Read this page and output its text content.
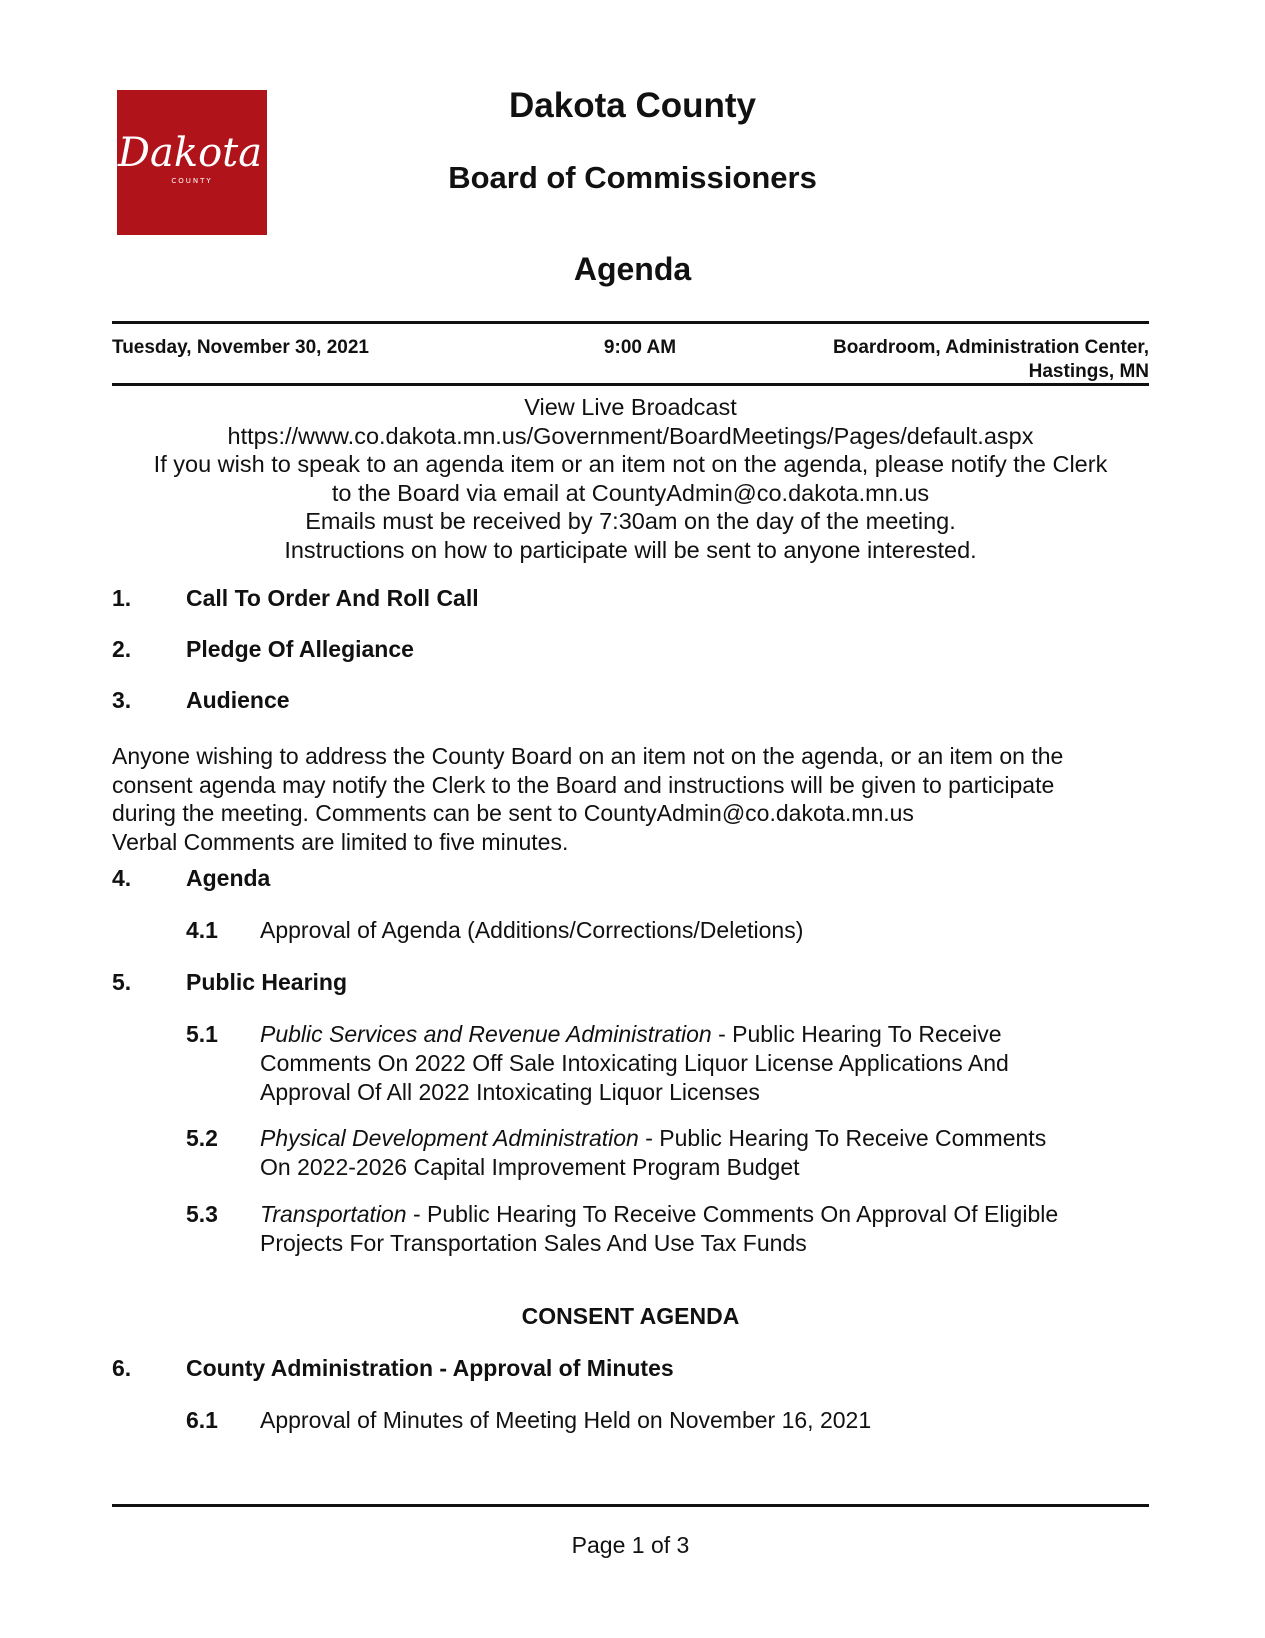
Dakota
COUNTY
Dakota County
Board of Commissioners
Agenda
Tuesday, November 30, 2021	9:00 AM	Boardroom, Administration Center,
Hastings, MN
View Live Broadcast
https://www.co.dakota.mn.us/Government/BoardMeetings/Pages/default.aspx
If you wish to speak to an agenda item or an item not on the agenda, please notify the Clerk
to the Board via email at CountyAdmin@co.dakota.mn.us
Emails must be received by 7:30am on the day of the meeting.
Instructions on how to participate will be sent to anyone interested.
1. Call To Order And Roll Call
2. Pledge Of Allegiance
3. Audience
Anyone wishing to address the County Board on an item not on the agenda, or an item on the
consent agenda may notify the Clerk to the Board and instructions will be given to participate
during the meeting. Comments can be sent to CountyAdmin@co.dakota.mn.us
Verbal Comments are limited to five minutes.
4. Agenda
4.1 Approval of Agenda (Additions/Corrections/Deletions)
5. Public Hearing
5.1 Public Services and Revenue Administration - Public Hearing To Receive
Comments On 2022 Off Sale Intoxicating Liquor License Applications And
Approval Of All 2022 Intoxicating Liquor Licenses
5.2 Physical Development Administration - Public Hearing To Receive Comments
On 2022-2026 Capital Improvement Program Budget
5.3 Transportation - Public Hearing To Receive Comments On Approval Of Eligible
Projects For Transportation Sales And Use Tax Funds
CONSENT AGENDA
6. County Administration - Approval of Minutes
6.1 Approval of Minutes of Meeting Held on November 16, 2021
Page 1 of 3
